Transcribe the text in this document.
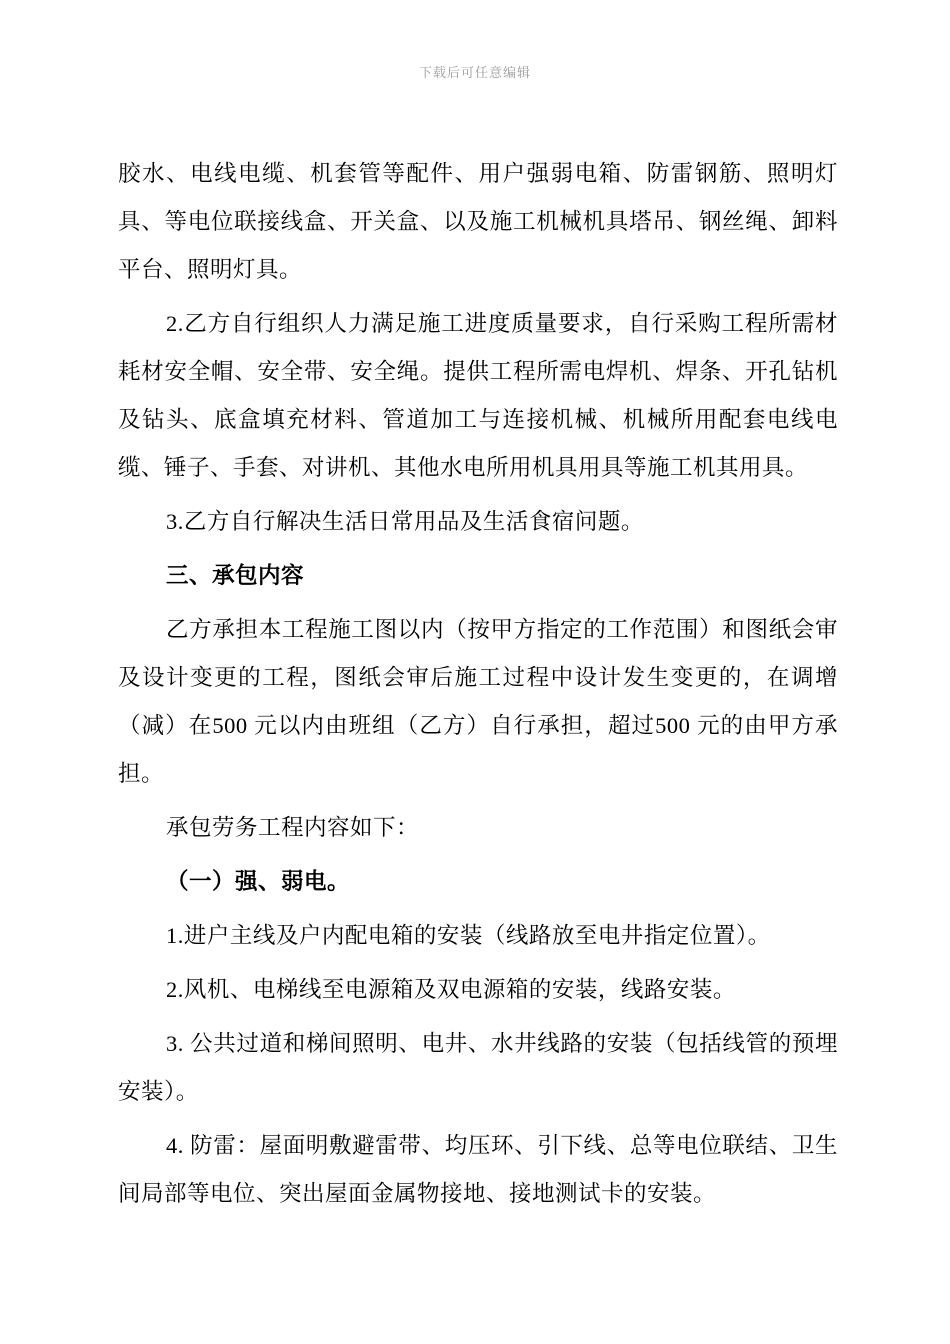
下载后可任意编辑

胶水、电线电缆、机套管等配件、用户强弱电箱、防雷钢筋、照明灯具、等电位联接线盒、开关盒、以及施工机械机具塔吊、钢丝绳、卸料平台、照明灯具。

2.乙方自行组织人力满足施工进度质量要求，自行采购工程所需材耗材安全帽、安全带、安全绳。提供工程所需电焊机、焊条、开孔钻机及钻头、底盒填充材料、管道加工与连接机械、机械所用配套电线电缆、锤子、手套、对讲机、其他水电所用机具用具等施工机其用具。

3.乙方自行解决生活日常用品及生活食宿问题。

三、承包内容

乙方承担本工程施工图以内（按甲方指定的工作范围）和图纸会审及设计变更的工程，图纸会审后施工过程中设计发生变更的，在调增（减）在500 元以内由班组（乙方）自行承担，超过500 元的由甲方承担。

承包劳务工程内容如下：

（一）强、弱电。

1.进户主线及户内配电箱的安装（线路放至电井指定位置）。

2.风机、电梯线至电源箱及双电源箱的安装，线路安装。

3. 公共过道和梯间照明、电井、水井线路的安装（包括线管的预埋安装）。

4. 防雷：屋面明敷避雷带、均压环、引下线、总等电位联结、卫生间局部等电位、突出屋面金属物接地、接地测试卡的安装。
